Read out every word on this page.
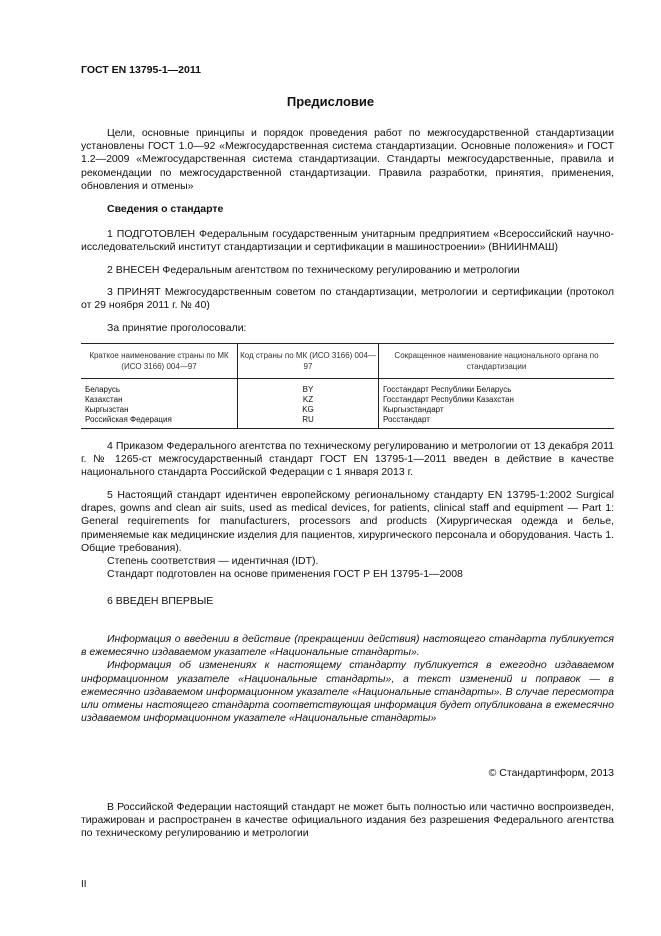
ГОСТ EN 13795-1—2011
Предисловие

Цели, основные принципы и порядок проведения работ по межгосударственной стандартизации установлены ГОСТ 1.0—92 «Межгосударственная система стандартизации. Основные положения» и ГОСТ 1.2—2009 «Межгосударственная система стандартизации. Стандарты межгосударственные, правила и рекомендации по межгосударственной стандартизации. Правила разработки, принятия, применения, обновления и отмены»

Сведения о стандарте

1 ПОДГОТОВЛЕН Федеральным государственным унитарным предприятием «Всероссийский научно-исследовательский институт стандартизации и сертификации в машиностроении» (ВНИИНМАШ)

2 ВНЕСЕН Федеральным агентством по техническому регулированию и метрологии

3 ПРИНЯТ Межгосударственным советом по стандартизации, метрологии и сертификации (протокол от 29 ноября 2011 г. № 40)

За принятие проголосовали:

Краткое наименование страны по МК (ИСО 3166) 004—97	Код страны по МК (ИСО 3166) 004—97	Сокращенное наименование национального органа по стандартизации
Беларусь	BY	Госстандарт Республики Беларусь
Казахстан	KZ	Госстандарт Республики Казахстан
Кыргызстан	KG	Кыргызстандарт
Российская Федерация	RU	Росстандарт

4 Приказом Федерального агентства по техническому регулированию и метрологии от 13 декабря 2011 г. № 1265-ст межгосударственный стандарт ГОСТ EN 13795-1—2011 введен в действие в качестве национального стандарта Российской Федерации с 1 января 2013 г.

5 Настоящий стандарт идентичен европейскому региональному стандарту EN 13795-1:2002 Surgical drapes, gowns and clean air suits, used as medical devices, for patients, clinical staff and equipment — Part 1: General requirements for manufacturers, processors and products (Хирургическая одежда и белье, применяемые как медицинские изделия для пациентов, хирургического персонала и оборудования. Часть 1. Общие требования).

Степень соответствия — идентичная (IDT).

Стандарт подготовлен на основе применения ГОСТ Р ЕН 13795-1—2008

6 ВВЕДЕН ВПЕРВЫЕ

Информация о введении в действие (прекращении действия) настоящего стандарта публикуется в ежемесячно издаваемом указателе «Национальные стандарты».

Информация об изменениях к настоящему стандарту публикуется в ежегодно издаваемом информационном указателе «Национальные стандарты», а текст изменений и поправок — в ежемесячно издаваемом информационном указателе «Национальные стандарты». В случае пересмотра или отмены настоящего стандарта соответствующая информация будет опубликована в ежемесячно издаваемом информационном указателе «Национальные стандарты»

© Стандартинформ, 2013

В Российской Федерации настоящий стандарт не может быть полностью или частично воспроизведен, тиражирован и распространен в качестве официального издания без разрешения Федерального агентства по техническому регулированию и метрологии

II
